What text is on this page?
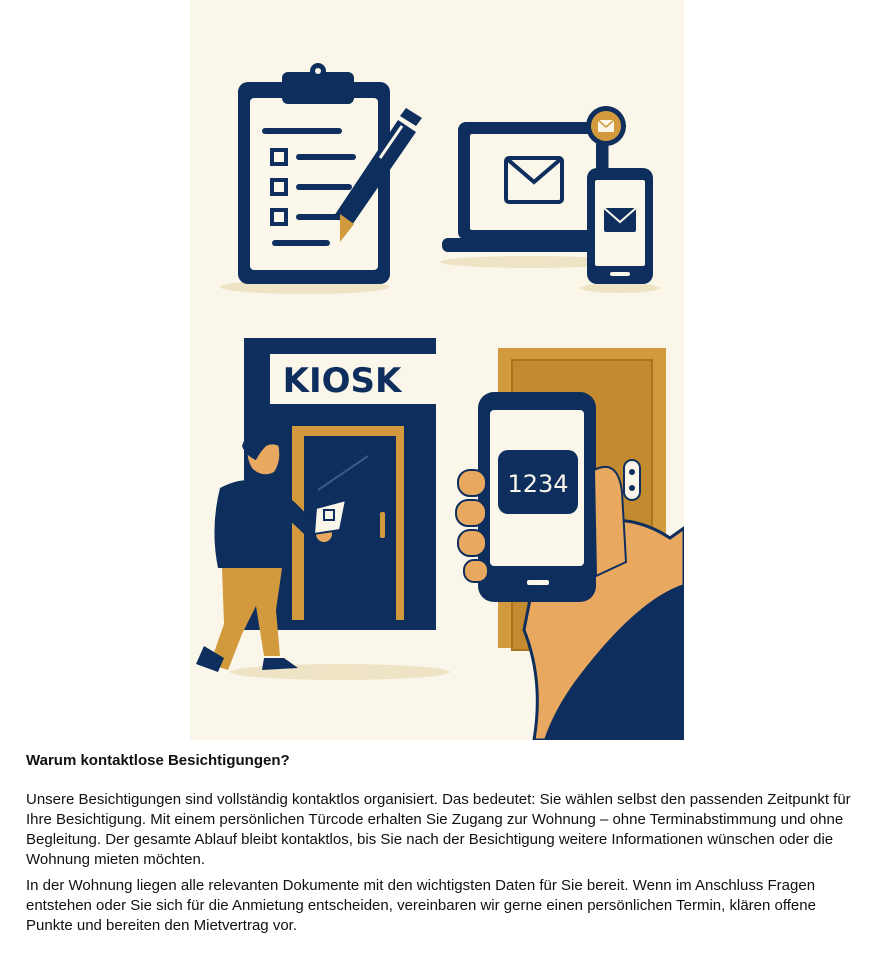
KIOSK
1234

Warum kontaktlose Besichtigungen?

Unsere Besichtigungen sind vollständig kontaktlos organisiert. Das bedeutet: Sie wählen selbst den passenden Zeitpunkt für Ihre Besichtigung. Mit einem persönlichen Türcode erhalten Sie Zugang zur Wohnung – ohne Terminabstimmung und ohne Begleitung. Der gesamte Ablauf bleibt kontaktlos, bis Sie nach der Besichtigung weitere Informationen wünschen oder die Wohnung mieten möchten.

In der Wohnung liegen alle relevanten Dokumente mit den wichtigsten Daten für Sie bereit. Wenn im Anschluss Fragen entstehen oder Sie sich für die Anmietung entscheiden, vereinbaren wir gerne einen persönlichen Termin, klären offene Punkte und bereiten den Mietvertrag vor.
